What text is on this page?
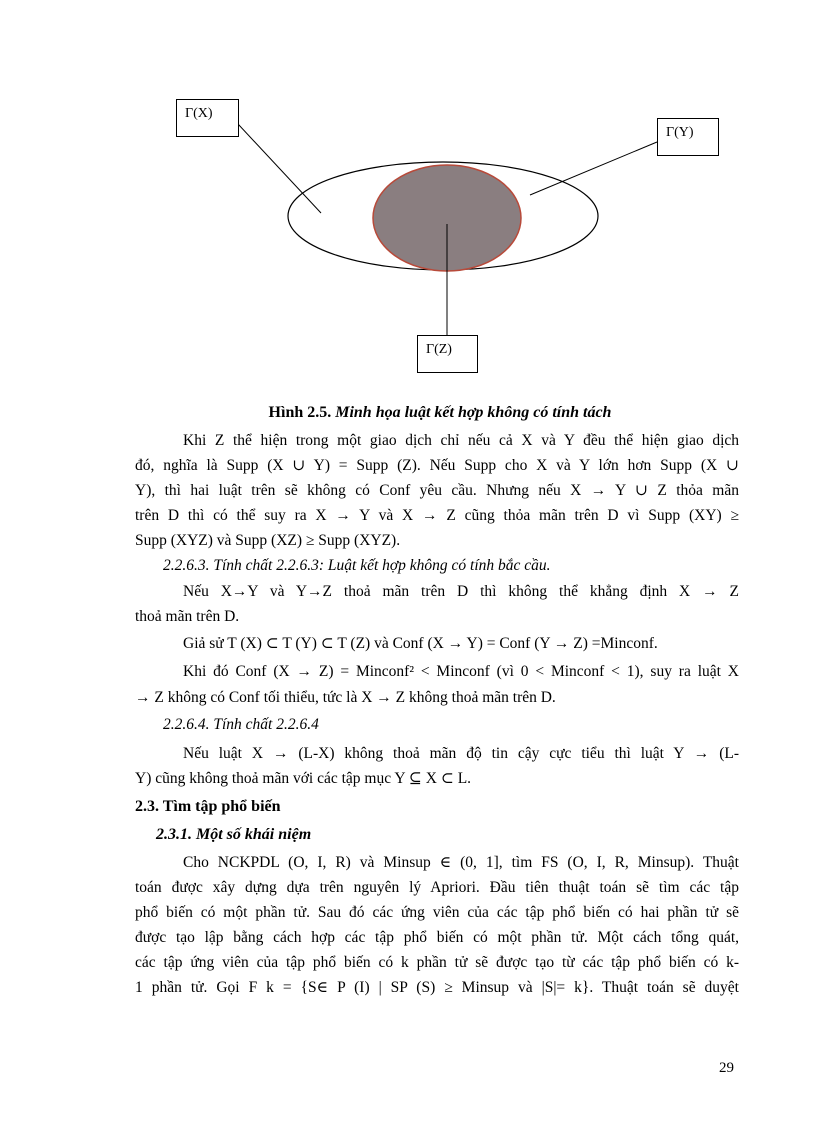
Γ(X)
Γ(Y)
Γ(Z)
Hình 2.5. Minh họa luật kết hợp không có tính tách
Khi Z thể hiện trong một giao dịch chỉ nếu cả X và Y đều thể hiện giao dịch
đó, nghĩa là Supp (X ∪ Y) = Supp (Z). Nếu Supp cho X và Y lớn hơn Supp (X ∪
Y), thì hai luật trên sẽ không có Conf yêu cầu. Nhưng nếu X → Y ∪ Z thỏa mãn
trên D thì có thể suy ra X → Y và X → Z cũng thỏa mãn trên D vì Supp (XY) ≥
Supp (XYZ) và Supp (XZ) ≥ Supp (XYZ).
2.2.6.3. Tính chất 2.2.6.3: Luật kết hợp không có tính bắc cầu.
Nếu X→Y và Y→Z thoả mãn trên D thì không thể khẳng định X → Z
thoả mãn trên D.
Giả sử T (X) ⊂ T (Y) ⊂ T (Z) và Conf (X → Y) = Conf (Y → Z) =Minconf.
Khi đó Conf (X → Z) = Minconf² < Minconf (vì 0 < Minconf < 1), suy ra luật X
→ Z không có Conf tối thiểu, tức là X → Z không thoả mãn trên D.
2.2.6.4. Tính chất 2.2.6.4
Nếu luật X → (L-X) không thoả mãn độ tin cậy cực tiểu thì luật Y → (L-
Y) cũng không thoả mãn với các tập mục Y ⊆ X ⊂ L.
2.3. Tìm tập phổ biến
2.3.1. Một số khái niệm
Cho NCKPDL (O, I, R) và Minsup ∈ (0, 1], tìm FS (O, I, R, Minsup). Thuật
toán được xây dựng dựa trên nguyên lý Apriori. Đầu tiên thuật toán sẽ tìm các tập
phổ biến có một phần tử. Sau đó các ứng viên của các tập phổ biến có hai phần tử sẽ
được tạo lập bằng cách hợp các tập phổ biến có một phần tử. Một cách tổng quát,
các tập ứng viên của tập phổ biến có k phần tử sẽ được tạo từ các tập phổ biến có k-
1 phần tử. Gọi F k = {S∈ P (I) | SP (S) ≥ Minsup và |S|= k}. Thuật toán sẽ duyệt
29
